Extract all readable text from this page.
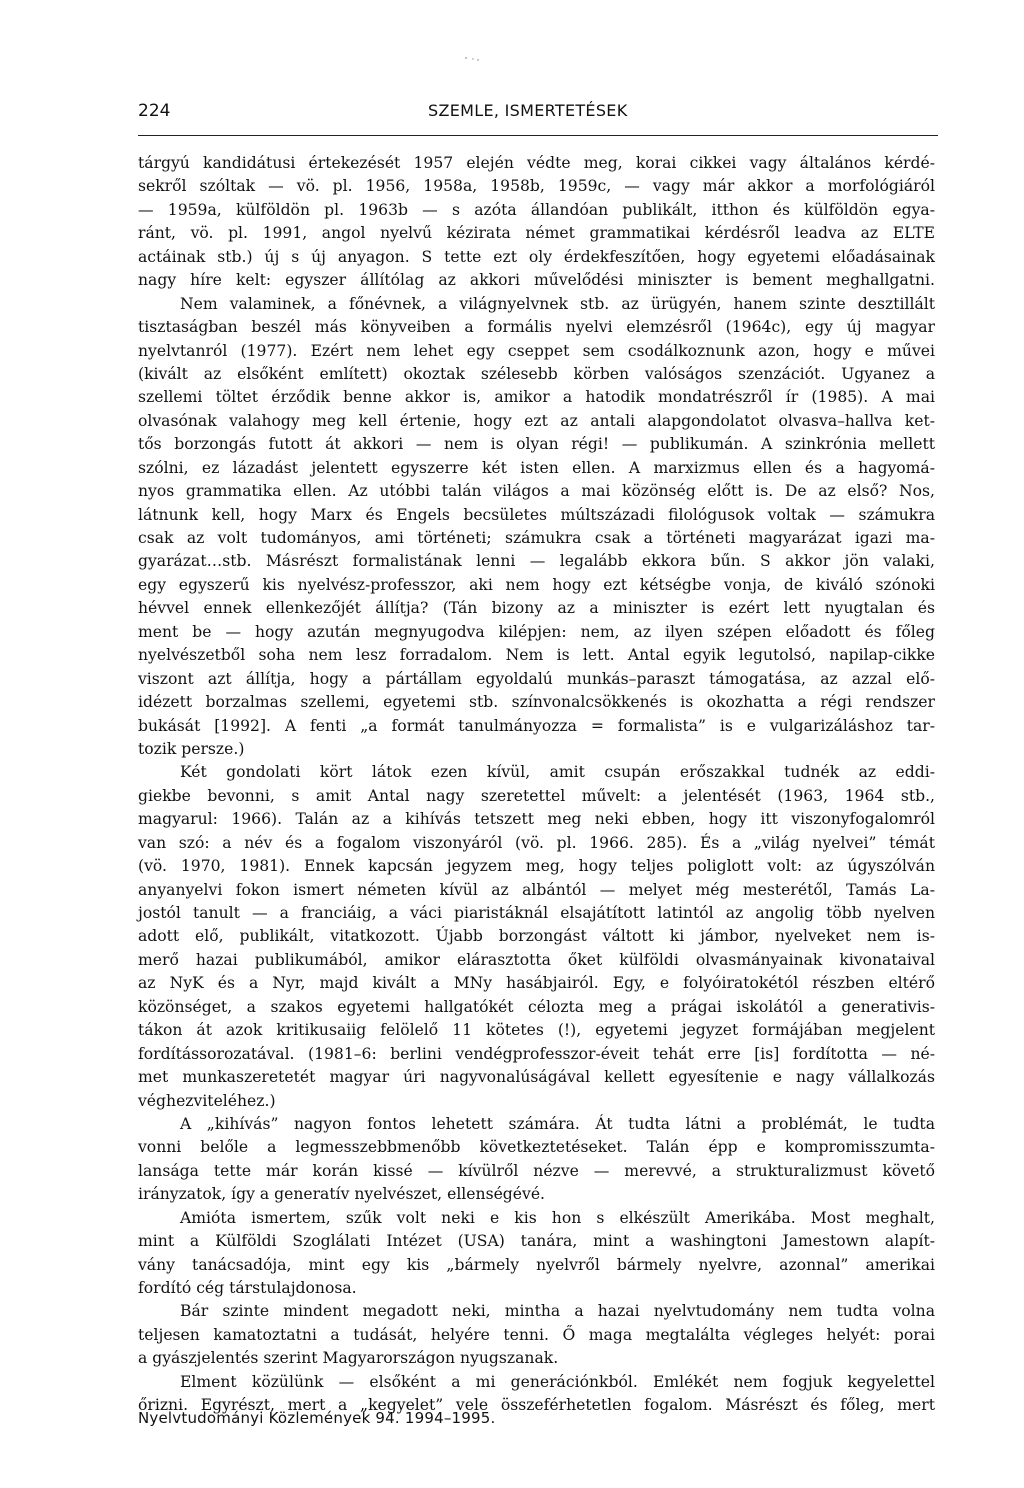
224	SZEMLE, ISMERTETÉSEK
tárgyú kandidátusi értekezését 1957 elején védte meg, korai cikkei vagy általános kérdé-
sekről szóltak — vö. pl. 1956, 1958a, 1958b, 1959c, — vagy már akkor a morfológiáról
— 1959a, külföldön pl. 1963b — s azóta állandóan publikált, itthon és külföldön egya-
ránt, vö. pl. 1991, angol nyelvű kézirata német grammatikai kérdésről leadva az ELTE
actáinak stb.) új s új anyagon. S tette ezt oly érdekfeszítően, hogy egyetemi előadásainak
nagy híre kelt: egyszer állítólag az akkori művelődési miniszter is bement meghallgatni.
Nem valaminek, a főnévnek, a világnyelvnek stb. az ürügyén, hanem szinte desztillált
tisztaságban beszél más könyveiben a formális nyelvi elemzésről (1964c), egy új magyar
nyelvtanról (1977). Ezért nem lehet egy cseppet sem csodálkoznunk azon, hogy e művei
(kivált az elsőként említett) okoztak szélesebb körben valóságos szenzációt. Ugyanez a
szellemi töltet érződik benne akkor is, amikor a hatodik mondatrészről ír (1985). A mai
olvasónak valahogy meg kell értenie, hogy ezt az antali alapgondolatot olvasva–hallva ket-
tős borzongás futott át akkori — nem is olyan régi! — publikumán. A szinkrónia mellett
szólni, ez lázadást jelentett egyszerre két isten ellen. A marxizmus ellen és a hagyomá-
nyos grammatika ellen. Az utóbbi talán világos a mai közönség előtt is. De az első? Nos,
látnunk kell, hogy Marx és Engels becsületes múltszázadi filológusok voltak — számukra
csak az volt tudományos, ami történeti; számukra csak a történeti magyarázat igazi ma-
gyarázat…stb. Másrészt formalistának lenni — legalább ekkora bűn. S akkor jön valaki,
egy egyszerű kis nyelvész-professzor, aki nem hogy ezt kétségbe vonja, de kiváló szónoki
hévvel ennek ellenkezőjét állítja? (Tán bizony az a miniszter is ezért lett nyugtalan és
ment be — hogy azután megnyugodva kilépjen: nem, az ilyen szépen előadott és főleg
nyelvészetből soha nem lesz forradalom. Nem is lett. Antal egyik legutolsó, napilap-cikke
viszont azt állítja, hogy a pártállam egyoldalú munkás–paraszt támogatása, az azzal elő-
idézett borzalmas szellemi, egyetemi stb. színvonalcsökkenés is okozhatta a régi rendszer
bukását [1992]. A fenti „a formát tanulmányozza = formalista” is e vulgarizáláshoz tar-
tozik persze.)
Két gondolati kört látok ezen kívül, amit csupán erőszakkal tudnék az eddi-
giekbe bevonni, s amit Antal nagy szeretettel művelt: a jelentését (1963, 1964 stb.,
magyarul: 1966). Talán az a kihívás tetszett meg neki ebben, hogy itt viszonyfogalomról
van szó: a név és a fogalom viszonyáról (vö. pl. 1966. 285). És a „világ nyelvei” témát
(vö. 1970, 1981). Ennek kapcsán jegyzem meg, hogy teljes poliglott volt: az úgyszólván
anyanyelvi fokon ismert németen kívül az albántól — melyet még mesterétől, Tamás La-
jostól tanult — a franciáig, a váci piaristáknál elsajátított latintól az angolig több nyelven
adott elő, publikált, vitatkozott. Újabb borzongást váltott ki jámbor, nyelveket nem is-
merő hazai publikumából, amikor elárasztotta őket külföldi olvasmányainak kivonataival
az NyK és a Nyr, majd kivált a MNy hasábjairól. Egy, e folyóiratokétól részben eltérő
közönséget, a szakos egyetemi hallgatókét célozta meg a prágai iskolától a generativis-
tákon át azok kritikusaiig felölelő 11 kötetes (!), egyetemi jegyzet formájában megjelent
fordítássorozatával. (1981–6: berlini vendégprofesszor-éveit tehát erre [is] fordította — né-
met munkaszeretetét magyar úri nagyvonalúságával kellett egyesítenie e nagy vállalkozás
véghezviteléhez.)
A „kihívás” nagyon fontos lehetett számára. Át tudta látni a problémát, le tudta
vonni belőle a legmesszebbmenőbb következtetéseket. Talán épp e kompromisszumta-
lansága tette már korán kissé — kívülről nézve — merevvé, a strukturalizmust követő
irányzatok, így a generatív nyelvészet, ellenségévé.
Amióta ismertem, szűk volt neki e kis hon s elkészült Amerikába. Most meghalt,
mint a Külföldi Szoglálati Intézet (USA) tanára, mint a washingtoni Jamestown alapít-
vány tanácsadója, mint egy kis „bármely nyelvről bármely nyelvre, azonnal” amerikai
fordító cég társtulajdonosa.
Bár szinte mindent megadott neki, mintha a hazai nyelvtudomány nem tudta volna
teljesen kamatoztatni a tudását, helyére tenni. Ő maga megtalálta végleges helyét: porai
a gyászjelentés szerint Magyarországon nyugszanak.
Elment közülünk — elsőként a mi generációnkból. Emlékét nem fogjuk kegyelettel
őrizni. Egyrészt, mert a „kegyelet” vele összeférhetetlen fogalom. Másrészt és főleg, mert
Nyelvtudományi Közlemények 94. 1994–1995.
